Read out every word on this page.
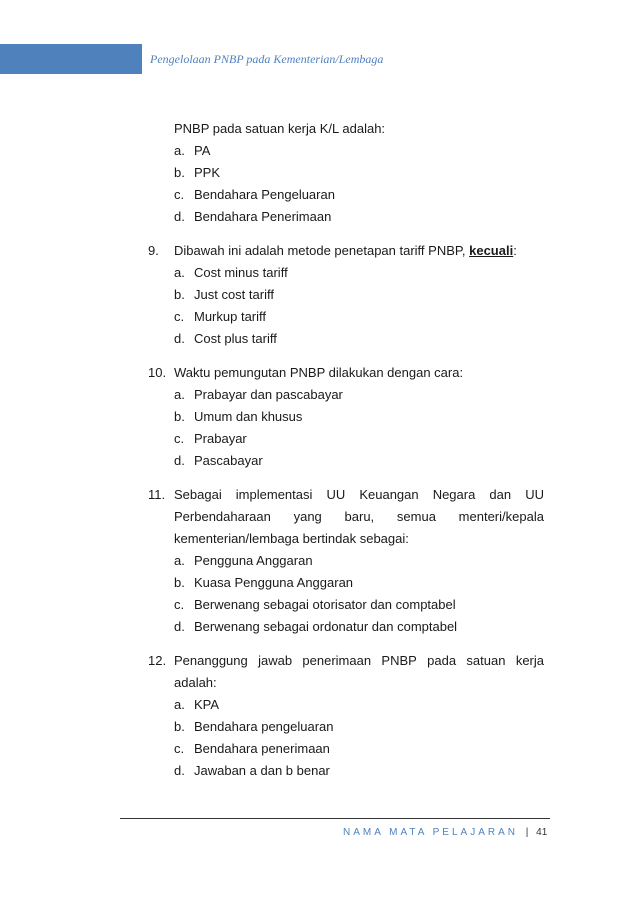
Pengelolaan PNBP pada Kementerian/Lembaga
PNBP pada satuan kerja K/L adalah:
a. PA
b. PPK
c. Bendahara Pengeluaran
d. Bendahara Penerimaan
9. Dibawah ini adalah metode penetapan tariff PNBP, kecuali:
a. Cost minus tariff
b. Just cost tariff
c. Murkup tariff
d. Cost plus tariff
10. Waktu pemungutan PNBP dilakukan dengan cara:
a. Prabayar dan pascabayar
b. Umum dan khusus
c. Prabayar
d. Pascabayar
11. Sebagai implementasi UU Keuangan Negara dan UU
Perbendaharaan yang baru, semua menteri/kepala
kementerian/lembaga bertindak sebagai:
a. Pengguna Anggaran
b. Kuasa Pengguna Anggaran
c. Berwenang sebagai otorisator dan comptabel
d. Berwenang sebagai ordonatur dan comptabel
12. Penanggung jawab penerimaan PNBP pada satuan kerja
adalah:
a. KPA
b. Bendahara pengeluaran
c. Bendahara penerimaan
d. Jawaban a dan b benar
NAMA MATA PELAJARAN | 41
